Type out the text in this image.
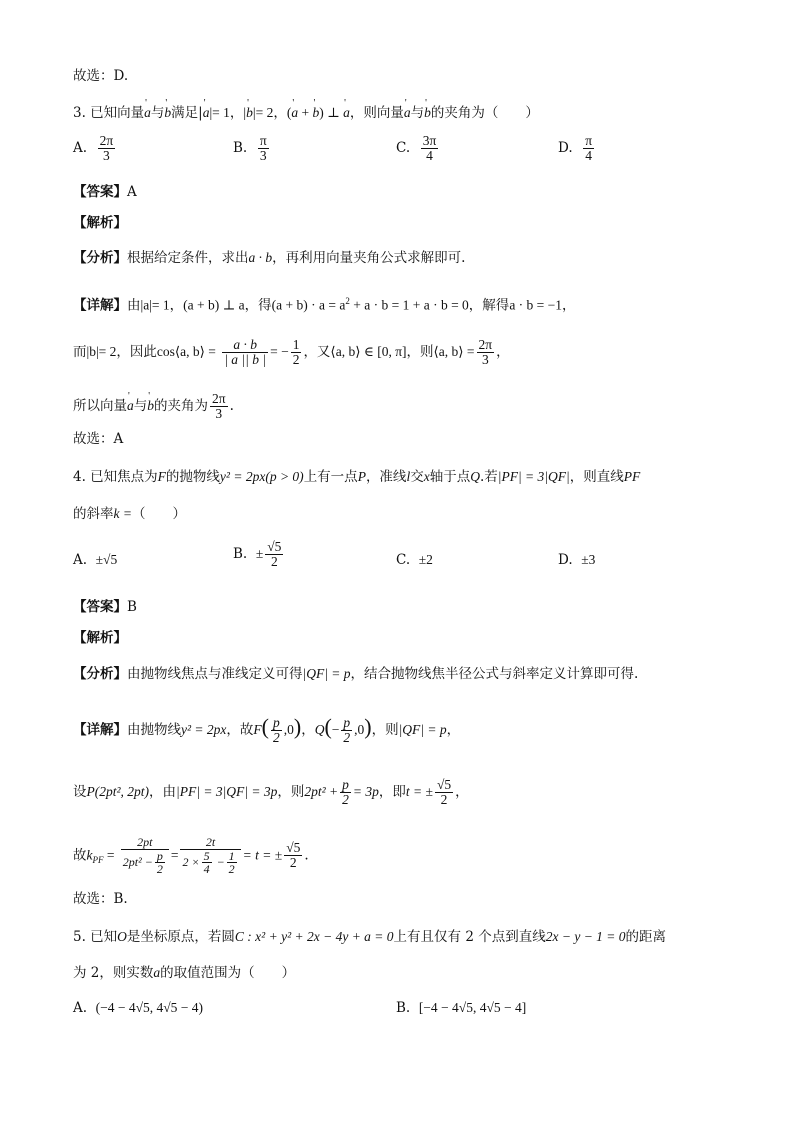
故选：D.
3. 已知向量' a与' b满足|' a|= 1，|' b|= 2，(' a + ' b) ⊥ ' a，则向量' a与' b的夹角为（　　）
A. $\frac{2\pi}{3}$	B. $\frac{\pi}{3}$	C. $\frac{3\pi}{4}$	D. $\frac{\pi}{4}$
【答案】A
【解析】
【分析】根据给定条件，求出a · b，再利用向量夹角公式求解即可.
【详解】由|a|= 1，(a + b) ⊥ a，得$(a + b) \cdot a = a^2 + a \cdot b = 1 + a \cdot b = 0$，解得a · b = −1，
而|b|= 2，因此cos⟨a, b⟩ = $\frac{a \cdot b}{| a || b |}$ = − $\frac{1}{2}$ ，又⟨a, b⟩ ∈ [0, π]，则⟨a, b⟩ = $\frac{2\pi}{3}$ ，
所以向量' a与' b的夹角为 $\frac{2\pi}{3}$ .
故选：A
4. 已知焦点为F的抛物线y² = 2px(p > 0)上有一点P，准线l交x轴于点Q.若|PF| = 3|QF|，则直线PF
的斜率k =（　　）
A. ±√5	B. ± $\frac{√5}{2}$	C. ±2	D. ±3
【答案】B
【解析】
【分析】由抛物线焦点与准线定义可得|QF| = p，结合抛物线焦半径公式与斜率定义计算即可得.
【详解】由抛物线y² = 2px，故$F( \frac{p}{2} ,0)$，$Q(- \frac{p}{2} ,0)$，则|QF| = p，
设P(2pt², 2pt)，由|PF| = 3|QF| = 3p，则$2pt^2 + \frac{p}{2} = 3p$，即t = ± $\frac{√5}{2}$ ，
故$k_{PF} = \frac{2pt}{2pt^2 - \frac{p}{2}} = \frac{2t}{2 \times \frac{5}{4} - \frac{1}{2}} = t$ = ± $\frac{√5}{2}$ .
故选：B.
5. 已知O是坐标原点，若圆C : x² + y² + 2x − 4y + a = 0上有且仅有 2 个点到直线2x − y − 1 = 0的距离
为 2，则实数a的取值范围为（　　）
A. (−4 − 4√5, 4√5 − 4)	B. [−4 − 4√5, 4√5 − 4]
